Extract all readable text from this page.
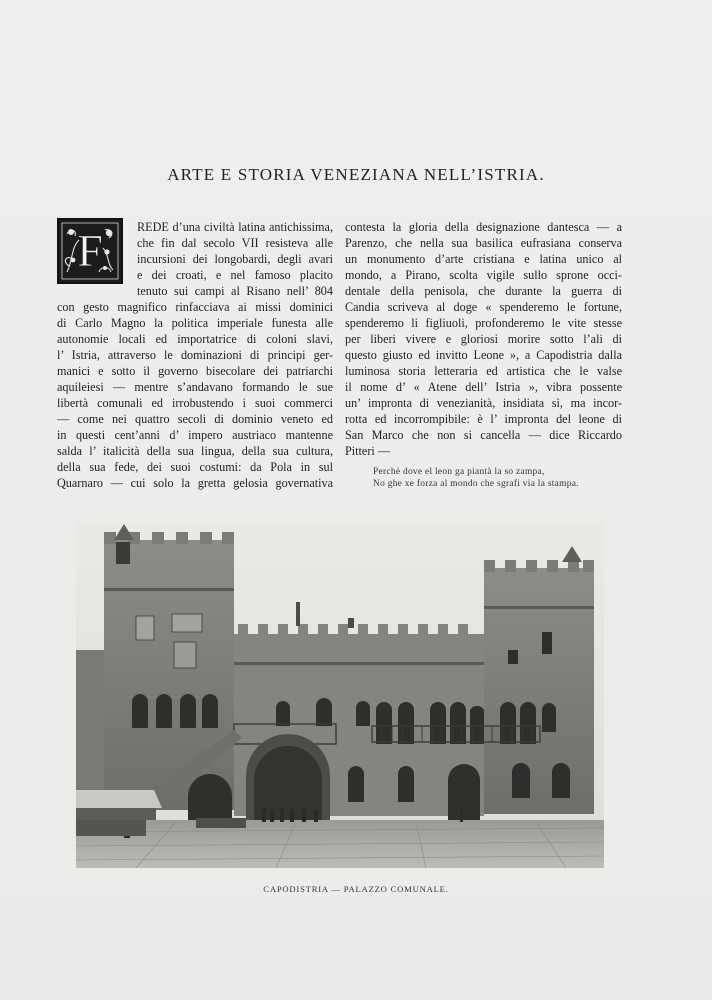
ARTE E STORIA VENEZIANA NELL’ISTRIA.
F	REDE d’una civiltà latina antichissima,
che fin dal secolo VII resisteva alle
incursioni dei longobardi, degli avari
e dei croati, e nel famoso placito
tenuto sui campi al Risano nell’ 804
con gesto magnifico rinfacciava ai missi dominici
di Carlo Magno la politica imperiale funesta alle
autonomie locali ed importatrice di coloni slavi,
l’ Istria, attraverso le dominazioni di principi ger-
manici e sotto il governo bisecolare dei patriarchi
aquileiesi — mentre s’andavano formando le sue
libertà comunali ed irrobustendo i suoi commerci
— come nei quattro secoli di dominio veneto ed
in questi cent’anni d’ impero austriaco mantenne
salda l’ italicità della sua lingua, della sua cultura,
della sua fede, dei suoi costumi: da Pola in sul
Quarnaro — cui solo la gretta gelosia governativa
contesta la gloria della designazione dantesca — a
Parenzo, che nella sua basilica eufrasiana conserva
un monumento d’arte cristiana e latina unico al
mondo, a Pirano, scolta vigile sullo sprone occi-
dentale della penisola, che durante la guerra di
Candia scriveva al doge « spenderemo le fortune,
spenderemo li figliuoli, profonderemo le vite stesse
per liberi vivere e gloriosi morire sotto l’ali di
questo giusto ed invitto Leone », a Capodistria dalla
luminosa storia letteraria ed artistica che le valse
il nome d’ « Atene dell’ Istria », vibra possente
un’ impronta di venezianità, insidiata sì, ma incor-
rotta ed incorrompibile: è l’ impronta del leone di
San Marco che non si cancella — dice Riccardo
Pitteri —
Perchè dove el leon ga piantà la so zampa,
No ghe xe forza al mondo che sgrafi via la stampa.
CAPODISTRIA — PALAZZO COMUNALE.
